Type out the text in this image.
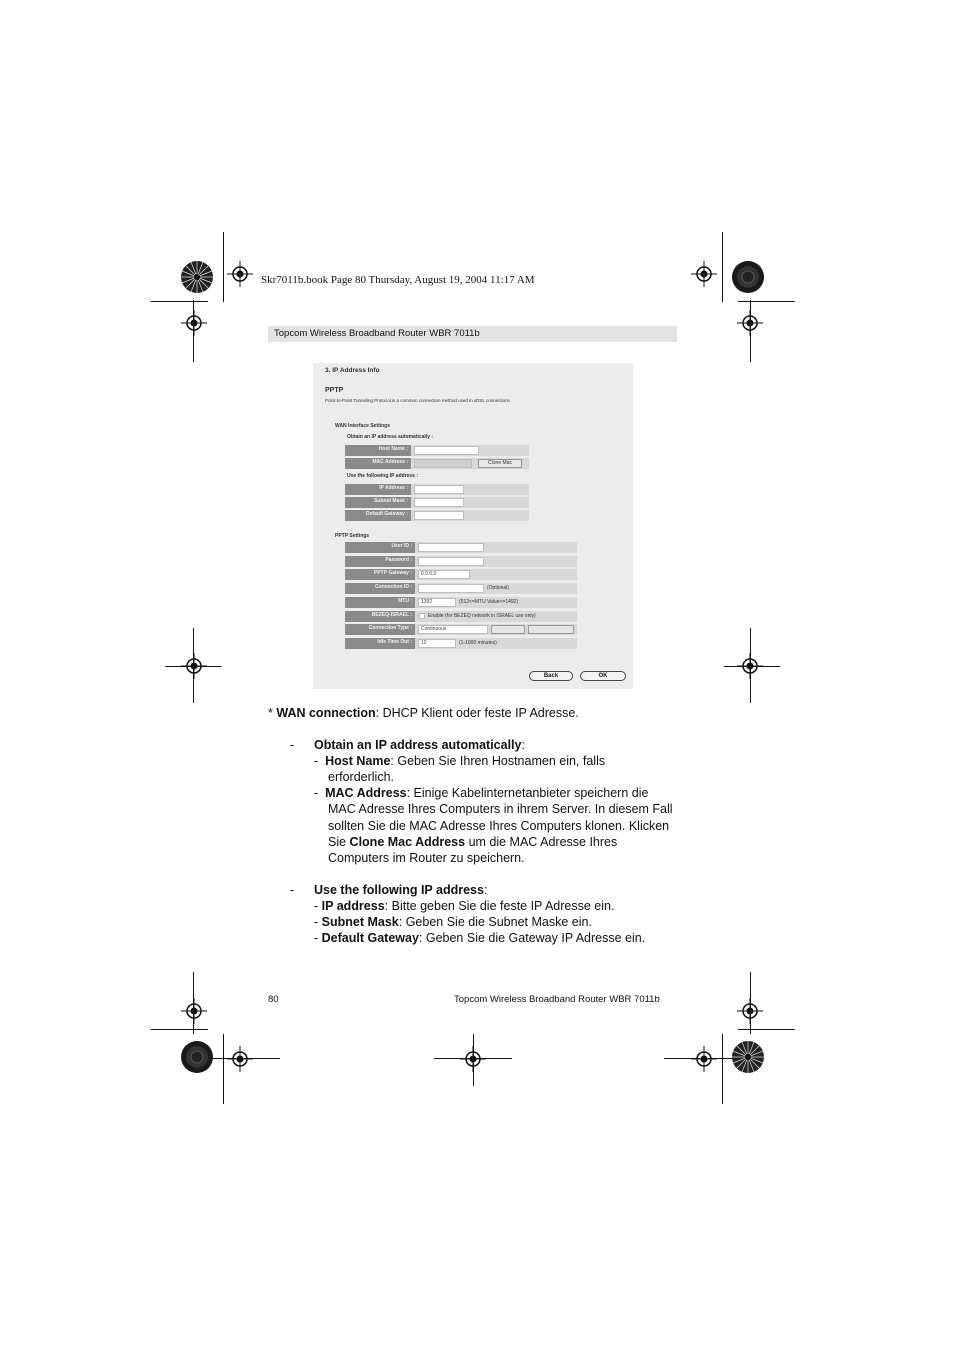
Skr7011b.book Page 80 Thursday, August 19, 2004 11:17 AM
Topcom Wireless Broadband Router WBR 7011b
3. IP Address Info
PPTP
Point-to-Point Tunneling Protocol is a common connection method used in xDSL connections
WAN Interface Settings
Obtain an IP address automatically :
Host Name :
MAC Address :	Clone Mac
Use the following IP address :
IP Address :
Subnet Mask :
Default Gateway :
PPTP Settings
User ID :
Password :
PPTP Gateway :	0.0.0.0
Connection ID :	(Optional)
MTU :	1392	(512<=MTU Value<=1492)
BEZEQ-ISRAEL :	Enable (for BEZEQ network in ISRAEL use only)
Connection Type :	Continuous
Idle Time Out :	10	(1-1000 minutes)
Back	OK
* WAN connection: DHCP Klient oder feste IP Adresse.
- Obtain an IP address automatically:
-  Host Name: Geben Sie Ihren Hostnamen ein, falls
erforderlich.
-  MAC Address: Einige Kabelinternetanbieter speichern die
MAC Adresse Ihres Computers in ihrem Server. In diesem Fall
sollten Sie die MAC Adresse Ihres Computers klonen. Klicken
Sie Clone Mac Address um die MAC Adresse Ihres
Computers im Router zu speichern.
- Use the following IP address:
- IP address: Bitte geben Sie die feste IP Adresse ein.
- Subnet Mask: Geben Sie die Subnet Maske ein.
- Default Gateway: Geben Sie die Gateway IP Adresse ein.
80	Topcom Wireless Broadband Router WBR 7011b
